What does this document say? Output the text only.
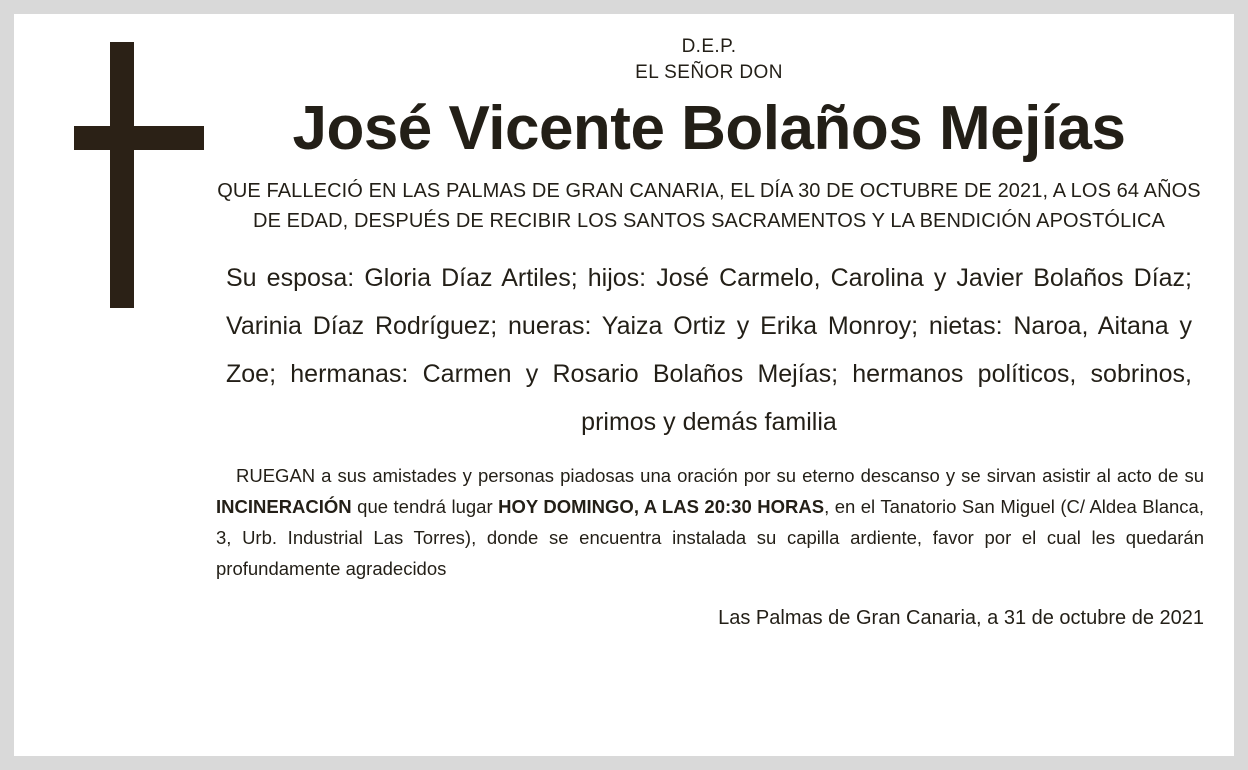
D.E.P.
EL SEÑOR DON
José Vicente Bolaños Mejías
QUE FALLECIÓ EN LAS PALMAS DE GRAN CANARIA, EL DÍA 30 DE OCTUBRE DE 2021, A LOS 64 AÑOS DE EDAD, DESPUÉS DE RECIBIR LOS SANTOS SACRAMENTOS Y LA BENDICIÓN APOSTÓLICA
Su esposa: Gloria Díaz Artiles; hijos: José Carmelo, Carolina y Javier Bolaños Díaz; Varinia Díaz Rodríguez; nueras: Yaiza Ortiz y Erika Monroy; nietas: Naroa, Aitana y Zoe; hermanas: Carmen y Rosario Bolaños Mejías; hermanos políticos, sobrinos, primos y demás familia
RUEGAN a sus amistades y personas piadosas una oración por su eterno descanso y se sirvan asistir al acto de su INCINERACIÓN que tendrá lugar HOY DOMINGO, A LAS 20:30 HORAS, en el Tanatorio San Miguel (C/ Aldea Blanca, 3, Urb. Industrial Las Torres), donde se encuentra instalada su capilla ardiente, favor por el cual les quedarán profundamente agradecidos
Las Palmas de Gran Canaria, a 31 de octubre de 2021
